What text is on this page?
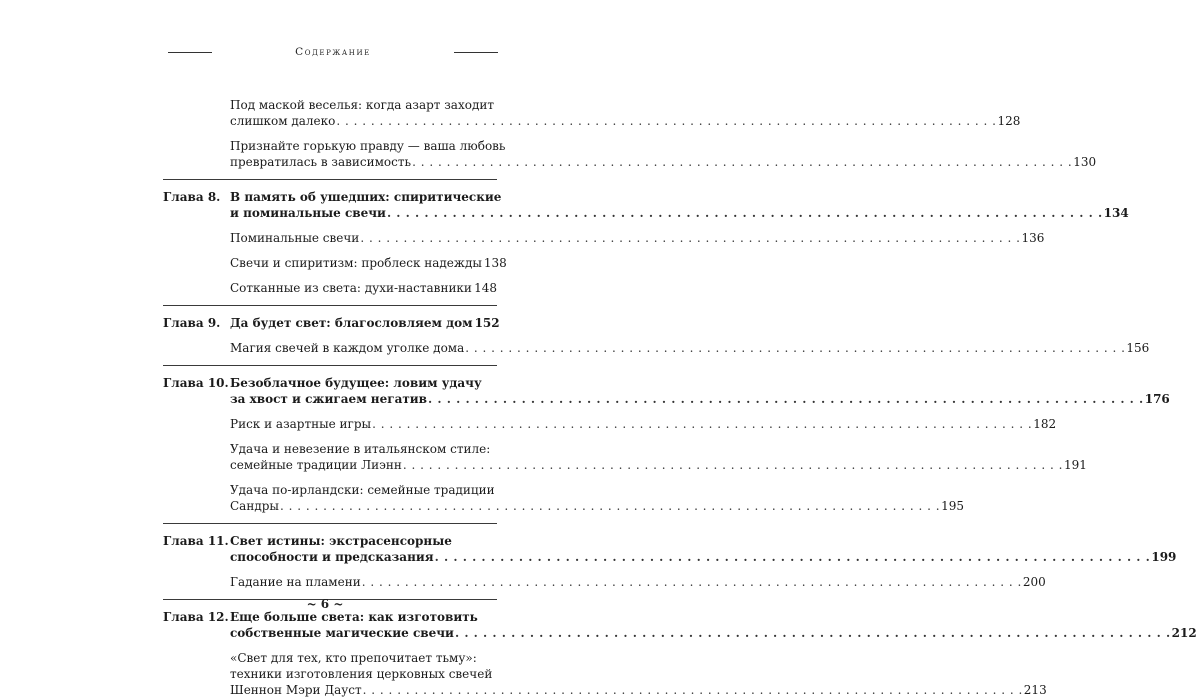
Содержание
Под маской веселья: когда азарт заходит
слишком далеко . . .	128
Признайте горькую правду — ваша любовь
превратилась в зависимость . . .	130
Глава 8. В память об ушедших: спиритические
и поминальные свечи . . .	134
Поминальные свечи . . .	136
Свечи и спиритизм: проблеск надежды 138
Сотканные из света: духи-наставники . . . 148
Глава 9. Да будет свет: благословляем дом 152
Магия свечей в каждом уголке дома . . .	156
Глава 10. Безоблачное будущее: ловим удачу
за хвост и сжигаем негатив . . .	176
Риск и азартные игры . . .	182
Удача и невезение в итальянском стиле:
семейные традиции Лиэнн . . .	191
Удача по-ирландски: семейные традиции
Сандры . . .	195
Глава 11. Свет истины: экстрасенсорные
способности и предсказания . . .	199
Гадание на пламени . . .	200
Глава 12. Еще больше света: как изготовить
собственные магические свечи . . .	212
«Свет для тех, кто препочитает тьму»:
техники изготовления церковных свечей
Шеннон Мэри Дауст . . .	213
~ 6 ~
